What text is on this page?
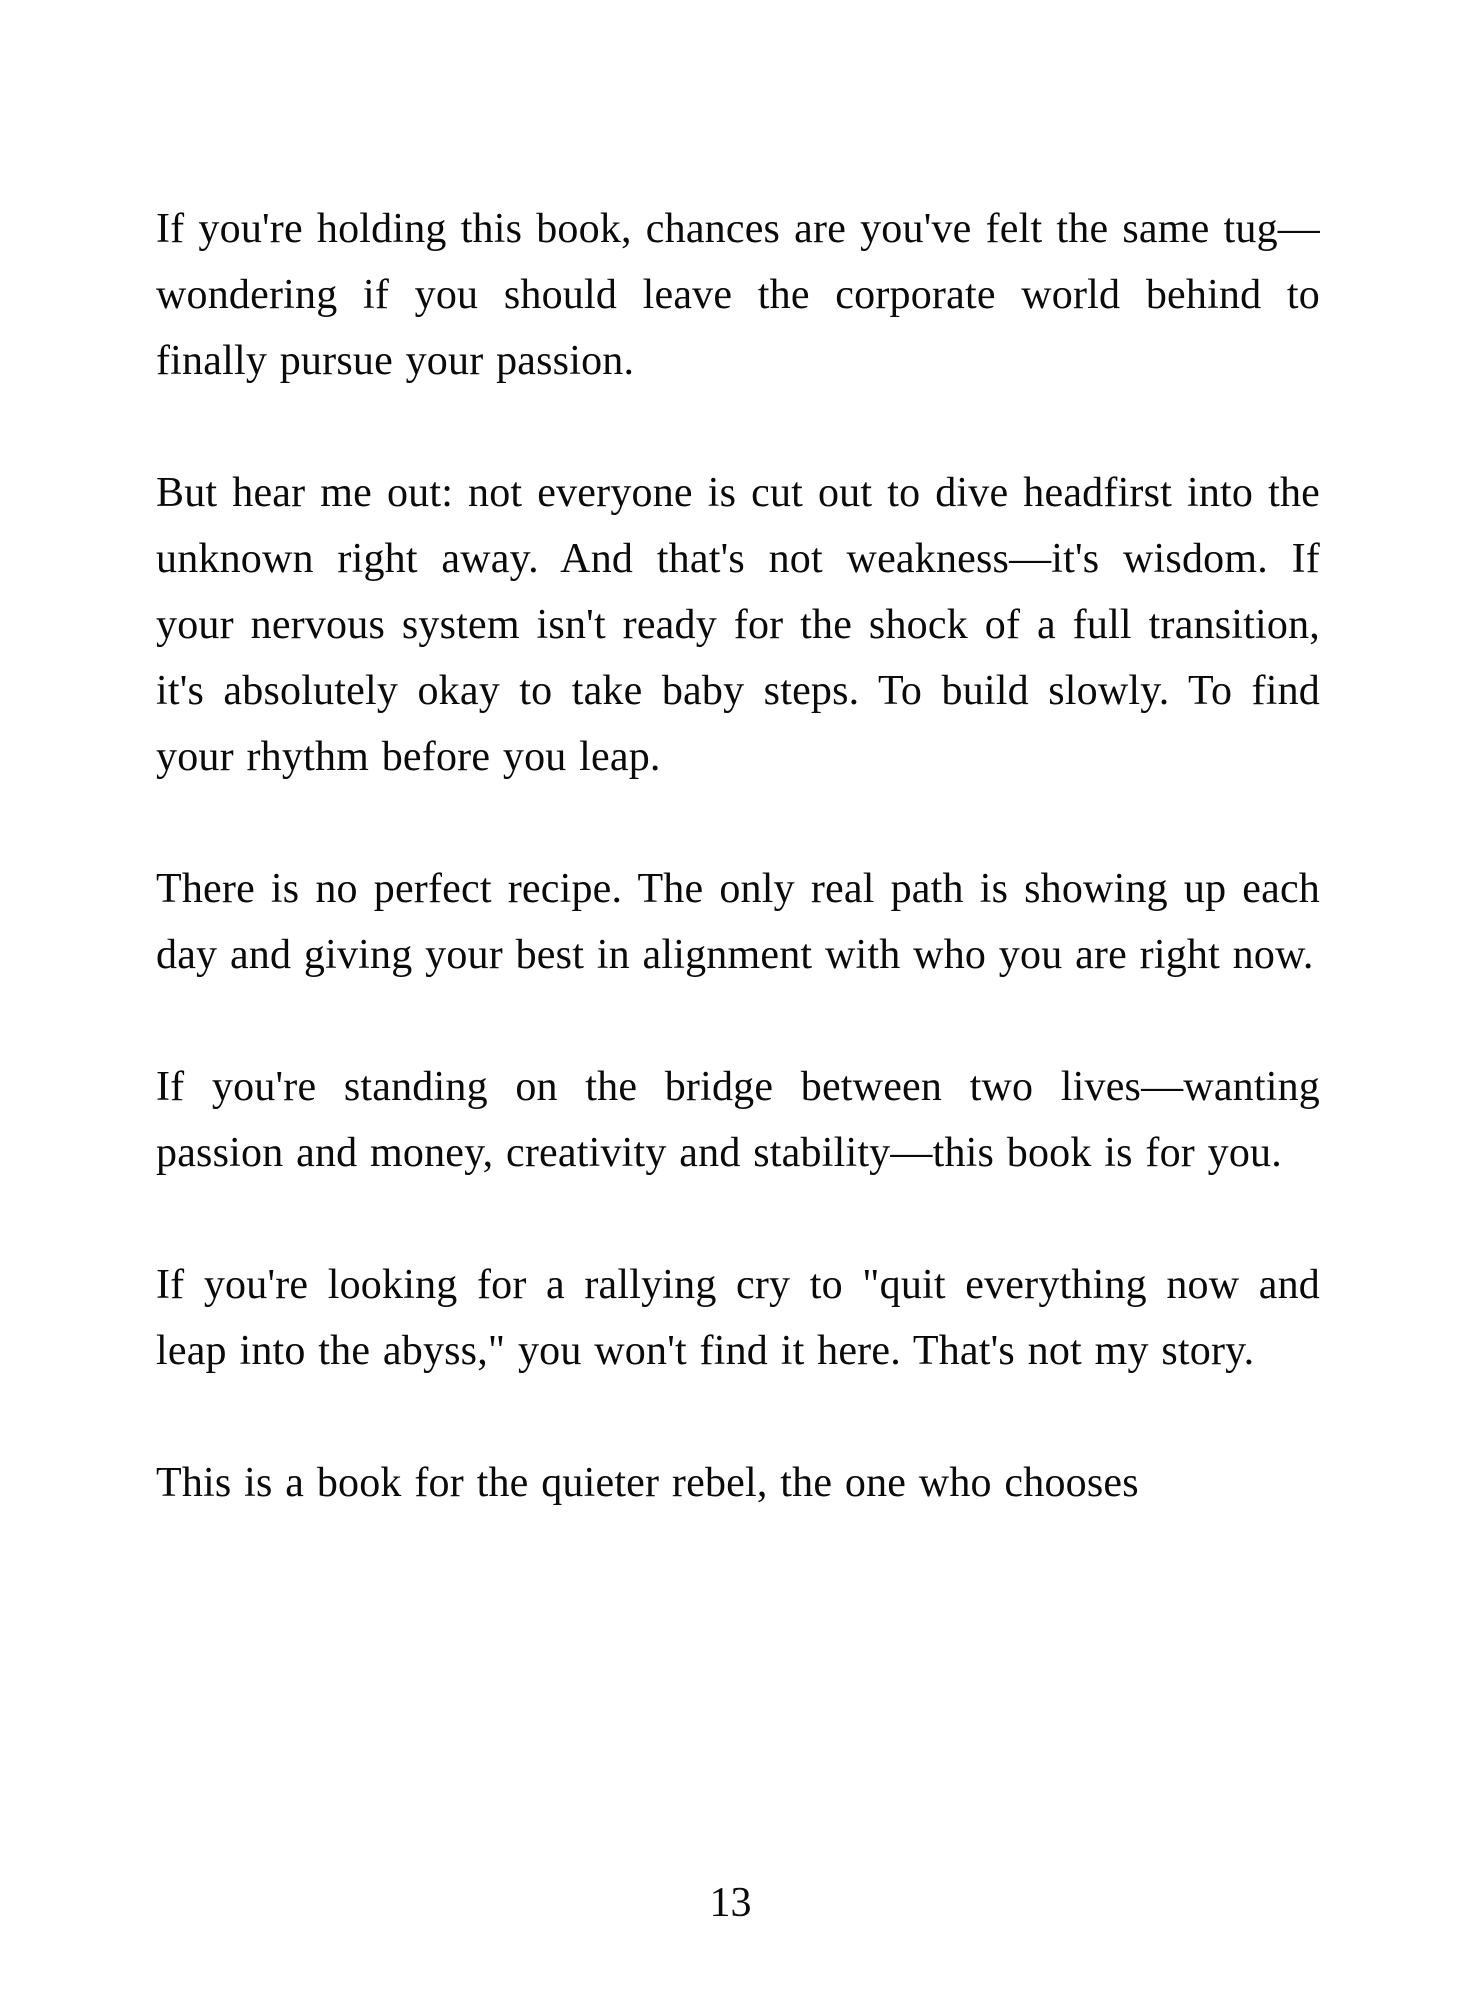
If you're holding this book, chances are you've felt the same tug—wondering if you should leave the corporate world behind to finally pursue your passion.

But hear me out: not everyone is cut out to dive headfirst into the unknown right away. And that's not weakness—it's wisdom. If your nervous system isn't ready for the shock of a full transition, it's absolutely okay to take baby steps. To build slowly. To find your rhythm before you leap.

There is no perfect recipe. The only real path is showing up each day and giving your best in alignment with who you are right now.

If you're standing on the bridge between two lives—wanting passion and money, creativity and stability—this book is for you.

If you're looking for a rallying cry to "quit everything now and leap into the abyss," you won't find it here. That's not my story.

This is a book for the quieter rebel, the one who chooses

13
